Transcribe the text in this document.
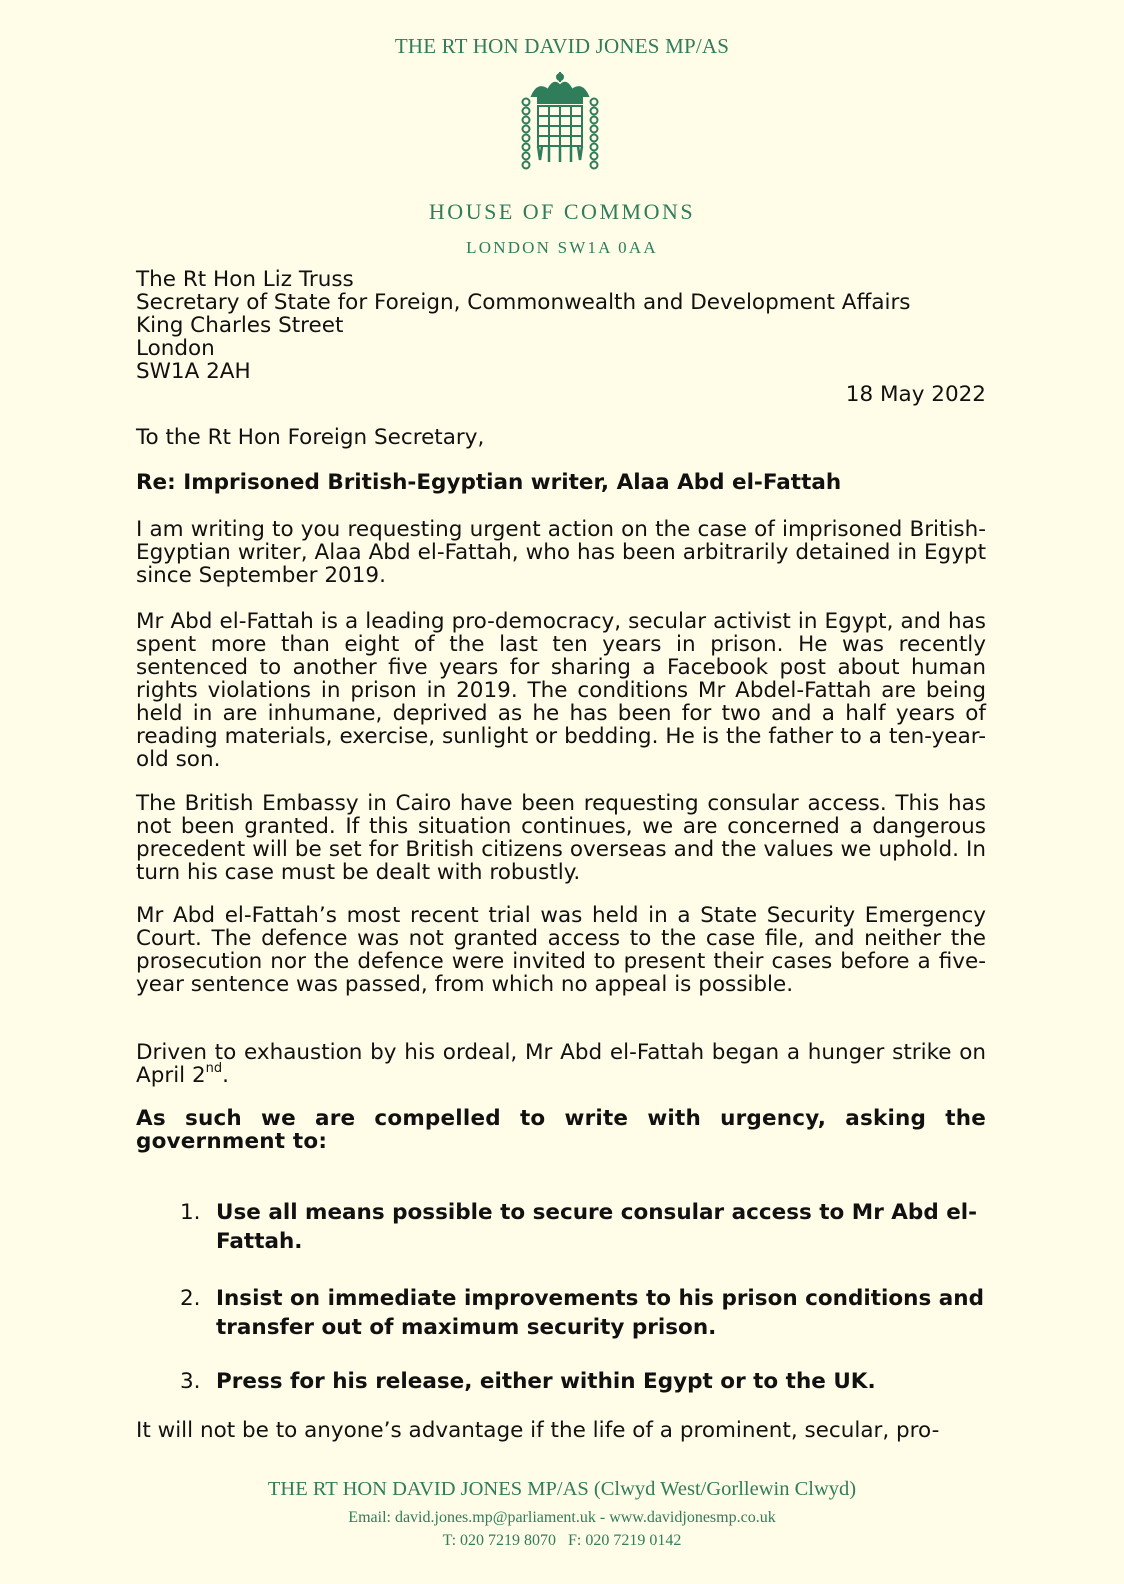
THE RT HON DAVID JONES MP/AS
HOUSE OF COMMONS
LONDON SW1A 0AA
The Rt Hon Liz Truss
Secretary of State for Foreign, Commonwealth and Development Affairs
King Charles Street
London
SW1A 2AH
18 May 2022
To the Rt Hon Foreign Secretary,
Re: Imprisoned British-Egyptian writer, Alaa Abd el-Fattah
I am writing to you requesting urgent action on the case of imprisoned British-Egyptian writer, Alaa Abd el-Fattah, who has been arbitrarily detained in Egypt since September 2019.
Mr Abd el-Fattah is a leading pro-democracy, secular activist in Egypt, and has spent more than eight of the last ten years in prison. He was recently sentenced to another five years for sharing a Facebook post about human rights violations in prison in 2019. The conditions Mr Abdel-Fattah are being held in are inhumane, deprived as he has been for two and a half years of reading materials, exercise, sunlight or bedding. He is the father to a ten-year-old son.
The British Embassy in Cairo have been requesting consular access. This has not been granted. If this situation continues, we are concerned a dangerous precedent will be set for British citizens overseas and the values we uphold. In turn his case must be dealt with robustly.
Mr Abd el-Fattah’s most recent trial was held in a State Security Emergency Court. The defence was not granted access to the case file, and neither the prosecution nor the defence were invited to present their cases before a five-year sentence was passed, from which no appeal is possible.
Driven to exhaustion by his ordeal, Mr Abd el-Fattah began a hunger strike on April 2nd.
As such we are compelled to write with urgency, asking the government to:
1. Use all means possible to secure consular access to Mr Abd el-Fattah.
2. Insist on immediate improvements to his prison conditions and transfer out of maximum security prison.
3. Press for his release, either within Egypt or to the UK.
It will not be to anyone’s advantage if the life of a prominent, secular, pro-
THE RT HON DAVID JONES MP/AS (Clwyd West/Gorllewin Clwyd)
Email: david.jones.mp@parliament.uk - www.davidjonesmp.co.uk
T: 020 7219 8070   F: 020 7219 0142
